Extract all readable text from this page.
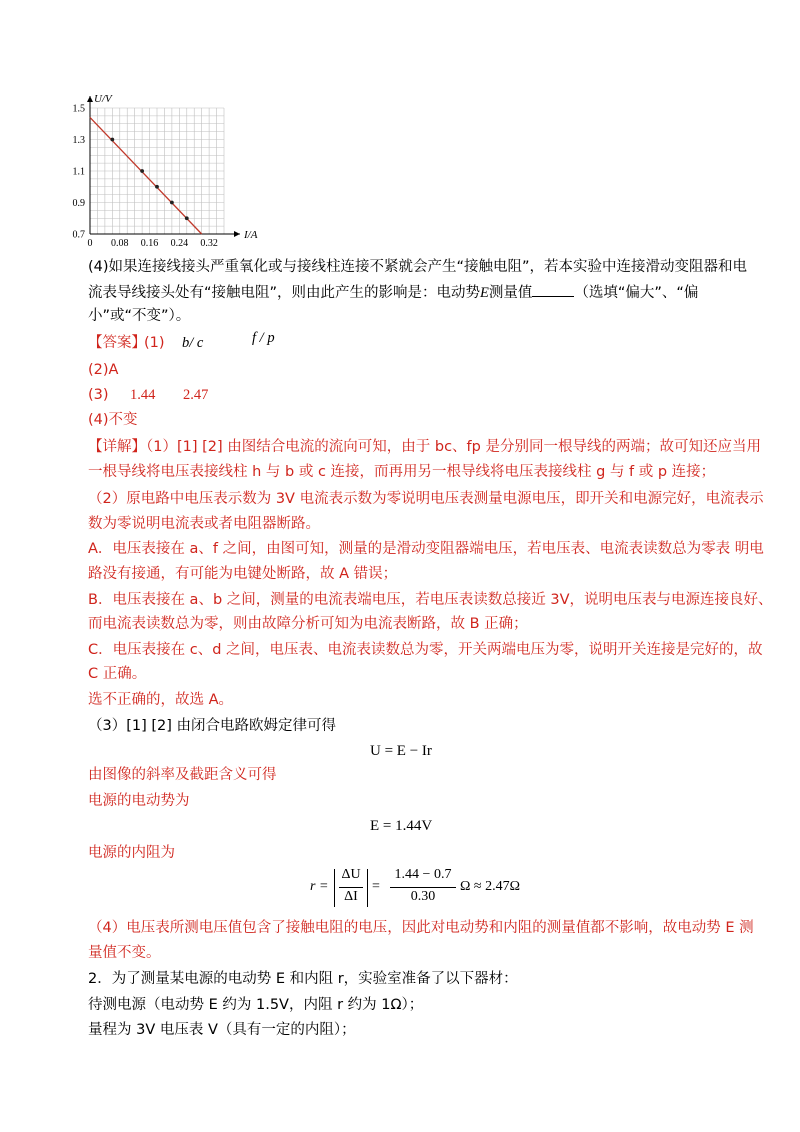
0 0.08 0.16 0.24 0.32
0.7
0.9
1.1
1.3
1.5
U/V
I/A
(4)如果连接线接头严重氧化或与接线柱连接不紧就会产生“接触电阻”，若本实验中连接滑动变阻器和电
流表导线接头处有“接触电阻”，则由此产生的影响是：电动势E测量值	（选填“偏大”、“偏
小”或“不变”）。
【答案】
(1) b/ c	f / p
(2)A
(3) 1.44 2.47
(4)不变
【详解】（1）[1] [2] 由图结合电流的流向可知，由于 bc、fp 是分别同一根导线的两端；故可知还应当用
一根导线将电压表接线柱 h 与 b 或 c 连接，而再用另一根导线将电压表接线柱 g 与 f 或 p 连接；
（2）原电路中电压表示数为 3V 电流表示数为零说明电压表测量电源电压，即开关和电源完好，电流表示
数为零说明电流表或者电阻器断路。
A．电压表接在 a、f 之间，由图可知，测量的是滑动变阻器端电压，若电压表、电流表读数总为零表 明电
路没有接通，有可能为电键处断路，故 A 错误；
B．电压表接在 a、b 之间，测量的电流表端电压，若电压表读数总接近 3V，说明电压表与电源连接良好、
而电流表读数总为零，则由故障分析可知为电流表断路，故 B 正确；
C．电压表接在 c、d 之间，电压表、电流表读数总为零，开关两端电压为零，说明开关连接是完好的，故
C 正确。
选不正确的，故选 A。
（3）[1] [2] 由闭合电路欧姆定律可得
U = E − Ir
由图像的斜率及截距含义可得
电源的电动势为
E = 1.44V
电源的内阻为
r =
ΔU
ΔI
=
1.44 − 0.7
0.30
Ω ≈ 2.47Ω
（4）电压表所测电压值包含了接触电阻的电压，因此对电动势和内阻的测量值都不影响，故电动势 E 测
量值不变。
2．为了测量某电源的电动势 E 和内阻 r，实验室准备了以下器材：
待测电源（电动势 E 约为 1.5V，内阻 r 约为 1Ω）；
量程为 3V 电压表 V（具有一定的内阻）；
